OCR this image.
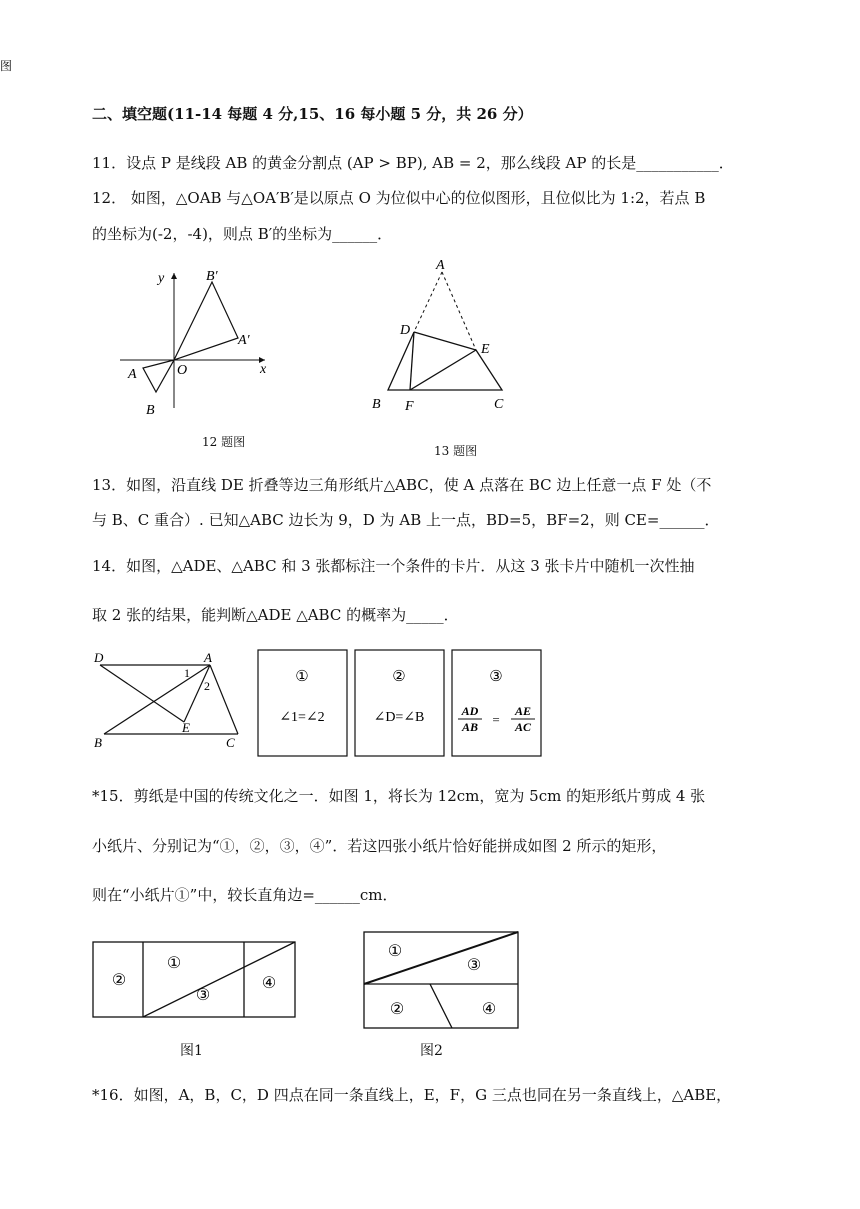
图
二、填空题(11-14 每题 4 分,15、16 每小题 5 分，共 26 分）
11．设点 P 是线段 AB 的黄金分割点 (AP > BP), AB = 2，那么线段 AP 的长是___________．
12． 如图，△OAB 与△OA′B′是以原点 O 为位似中心的位似图形，且位似比为 1:2，若点 B
的坐标为(-2，-4)，则点 B′的坐标为______．
y
x
O
A
B
B′
A′
12 题图
A
D
E
B F	C
13 题图
13．如图，沿直线 DE 折叠等边三角形纸片△ABC，使 A 点落在 BC 边上任意一点 F 处（不
与 B、C 重合）. 已知△ABC 边长为 9，D 为 AB 上一点，BD=5，BF=2，则 CE=______．
14．如图，△ADE、△ABC 和 3 张都标注一个条件的卡片．从这 3 张卡片中随机一次性抽
取 2 张的结果，能判断△ADE △ABC 的概率为_____．
D	A
1
2
E
B	C
①
∠1=∠2
②
∠D=∠B
③
AD
AB =
AE
AC
*15．剪纸是中国的传统文化之一．如图 1，将长为 12cm，宽为 5cm 的矩形纸片剪成 4 张
小纸片、分别记为“①，②，③，④”．若这四张小纸片恰好能拼成如图 2 所示的矩形，
则在“小纸片①”中，较长直角边=______cm．
②
①
③
④
图1
①
③
②	④
图2
*16．如图，A，B，C，D 四点在同一条直线上，E，F，G 三点也同在另一条直线上，△ABE，
